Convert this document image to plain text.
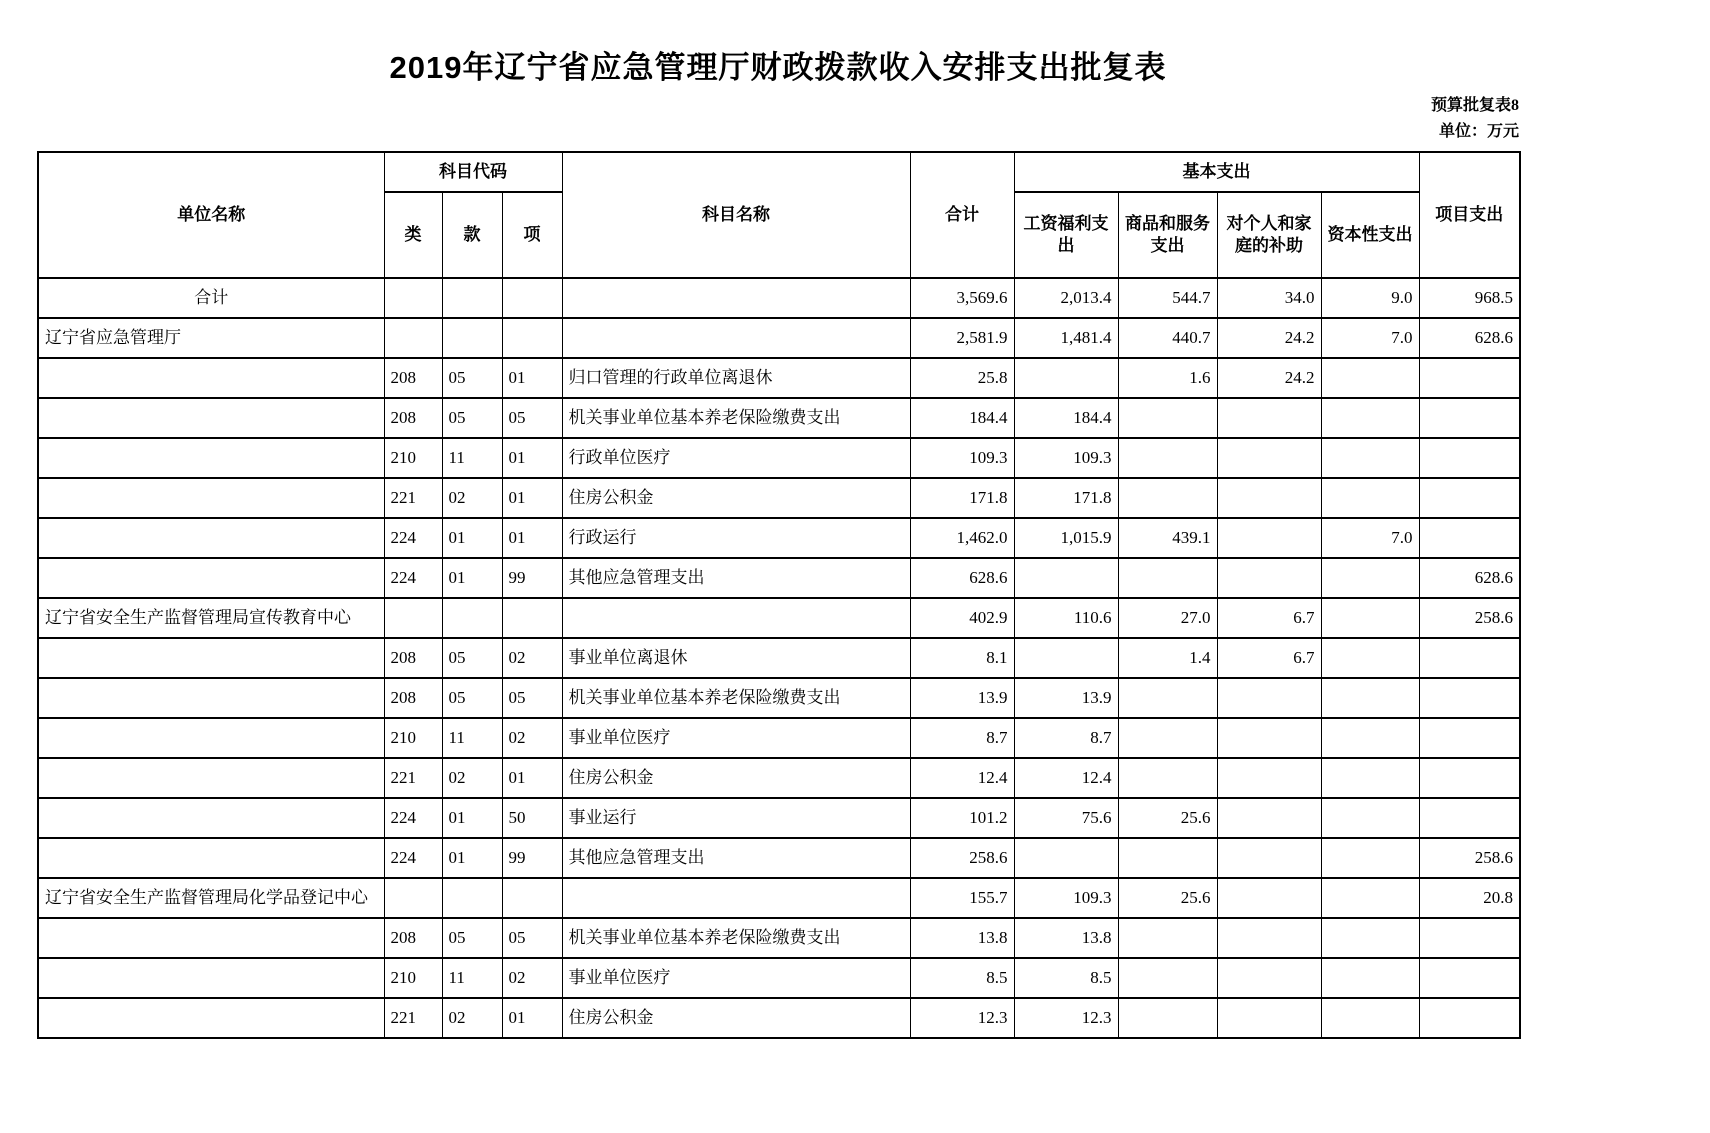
2019年辽宁省应急管理厅财政拨款收入安排支出批复表
预算批复表8
单位：万元
单位名称	科目代码			科目名称	合计	基本支出				项目支出
	类	款	项			工资福利支出	商品和服务支出	对个人和家庭的补助	资本性支出	
合计					3,569.6	2,013.4	544.7	34.0	9.0	968.5
辽宁省应急管理厅					2,581.9	1,481.4	440.7	24.2	7.0	628.6
	208	05	01	归口管理的行政单位离退休	25.8		1.6	24.2		
	208	05	05	机关事业单位基本养老保险缴费支出	184.4	184.4				
	210	11	01	行政单位医疗	109.3	109.3				
	221	02	01	住房公积金	171.8	171.8				
	224	01	01	行政运行	1,462.0	1,015.9	439.1		7.0	
	224	01	99	其他应急管理支出	628.6					628.6
辽宁省安全生产监督管理局宣传教育中心					402.9	110.6	27.0	6.7		258.6
	208	05	02	事业单位离退休	8.1		1.4	6.7		
	208	05	05	机关事业单位基本养老保险缴费支出	13.9	13.9				
	210	11	02	事业单位医疗	8.7	8.7				
	221	02	01	住房公积金	12.4	12.4				
	224	01	50	事业运行	101.2	75.6	25.6			
	224	01	99	其他应急管理支出	258.6					258.6
辽宁省安全生产监督管理局化学品登记中心					155.7	109.3	25.6			20.8
	208	05	05	机关事业单位基本养老保险缴费支出	13.8	13.8				
	210	11	02	事业单位医疗	8.5	8.5				
	221	02	01	住房公积金	12.3	12.3				
